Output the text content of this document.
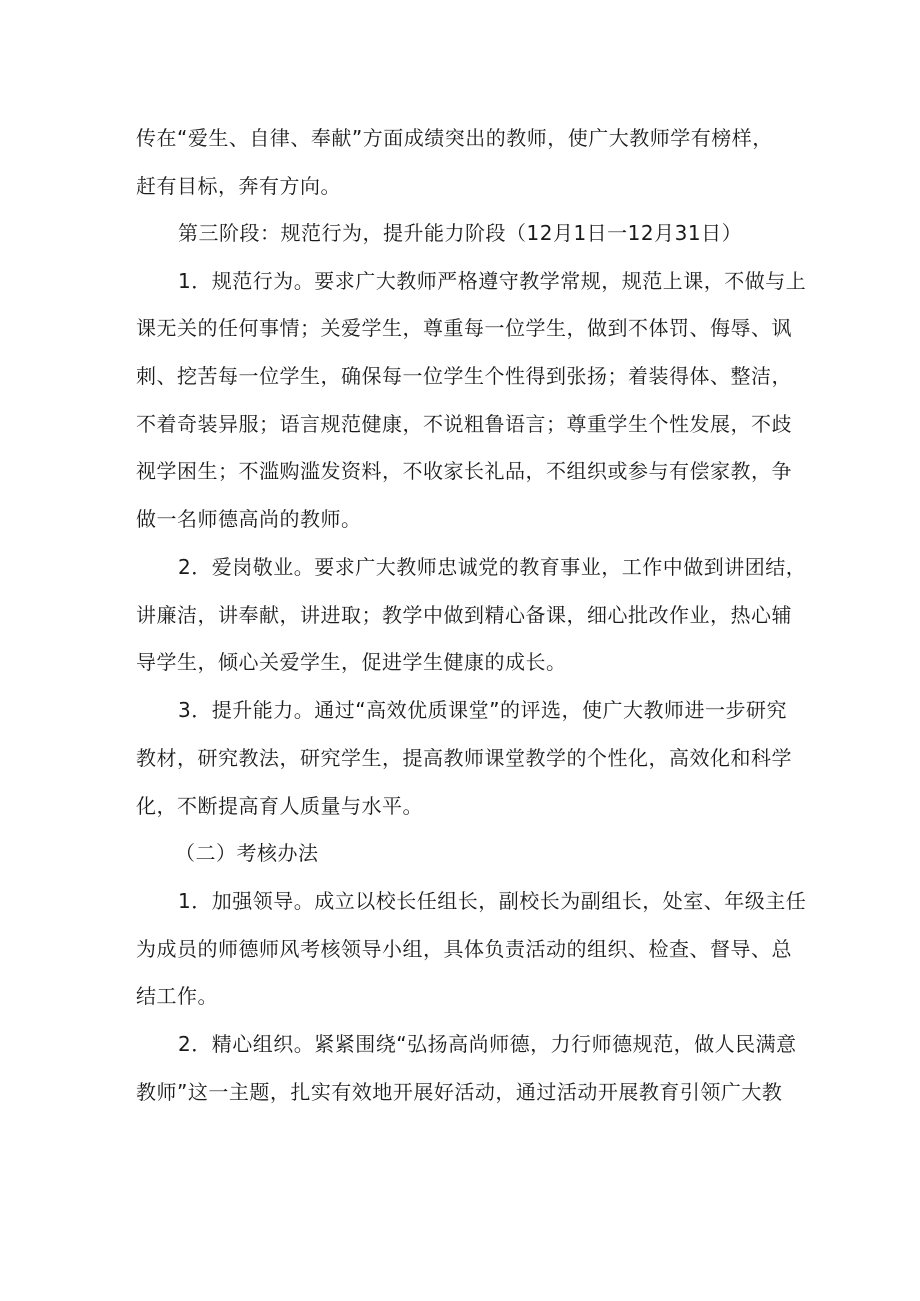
传在“爱生、自律、奉献”方面成绩突出的教师，使广大教师学有榜样，
赶有目标，奔有方向。
第三阶段：规范行为，提升能力阶段（12月1日一12月31日）
1．规范行为。要求广大教师严格遵守教学常规，规范上课，不做与上
课无关的任何事情；关爱学生，尊重每一位学生，做到不体罚、侮辱、讽
刺、挖苦每一位学生，确保每一位学生个性得到张扬；着装得体、整洁，
不着奇装异服；语言规范健康，不说粗鲁语言；尊重学生个性发展，不歧
视学困生；不滥购滥发资料，不收家长礼品，不组织或参与有偿家教，争
做一名师德高尚的教师。
2．爱岗敬业。要求广大教师忠诚党的教育事业，工作中做到讲团结，
讲廉洁，讲奉献，讲进取；教学中做到精心备课，细心批改作业，热心辅
导学生，倾心关爱学生，促进学生健康的成长。
3．提升能力。通过“高效优质课堂”的评选，使广大教师进一步研究
教材，研究教法，研究学生，提高教师课堂教学的个性化，高效化和科学
化，不断提高育人质量与水平。
（二）考核办法
1．加强领导。成立以校长任组长，副校长为副组长，处室、年级主任
为成员的师德师风考核领导小组，具体负责活动的组织、检查、督导、总
结工作。
2．精心组织。紧紧围绕“弘扬高尚师德，力行师德规范，做人民满意
教师”这一主题，扎实有效地开展好活动，通过活动开展教育引领广大教
